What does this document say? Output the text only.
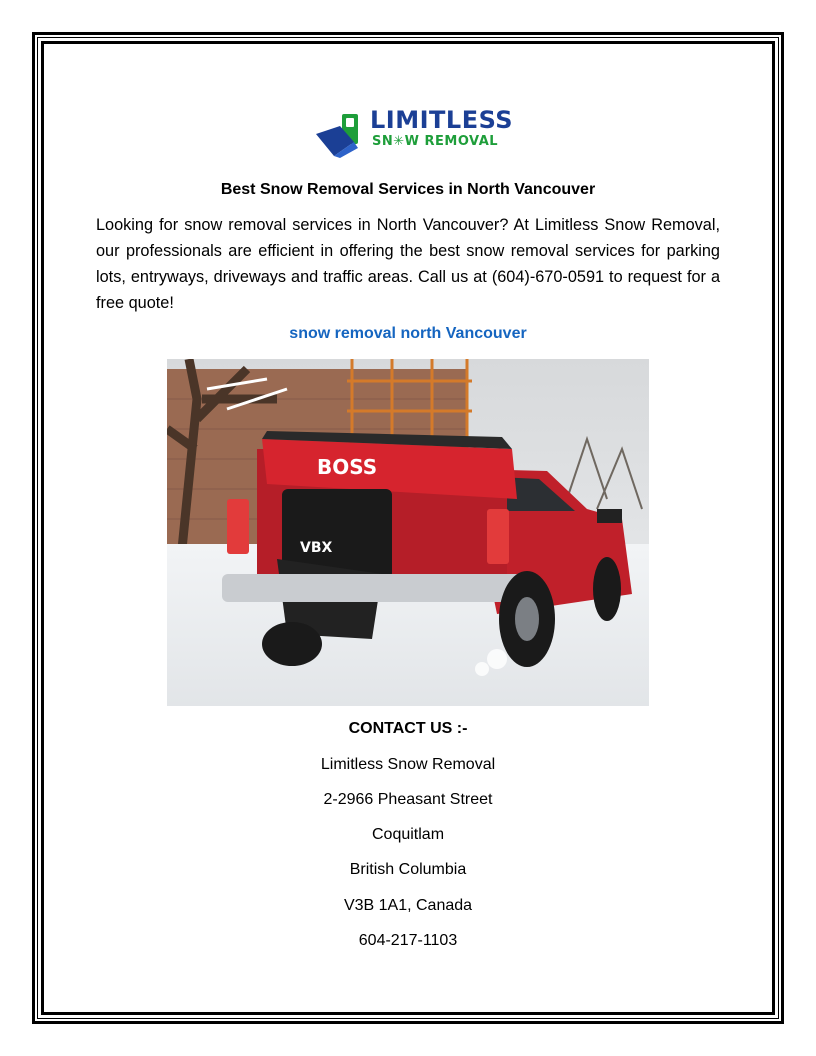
LIMITLESS
SN✳W REMOVAL
Best Snow Removal Services in North Vancouver
Looking for snow removal services in North Vancouver? At Limitless Snow Removal, our professionals are efficient in offering the best snow removal services for parking lots, entryways, driveways and traffic areas. Call us at (604)-670-0591 to request for a free quote!
snow removal north Vancouver
BOSS
VBX
CONTACT US :-
Limitless Snow Removal
2-2966 Pheasant Street
Coquitlam
British Columbia
V3B 1A1, Canada
604-217-1103
